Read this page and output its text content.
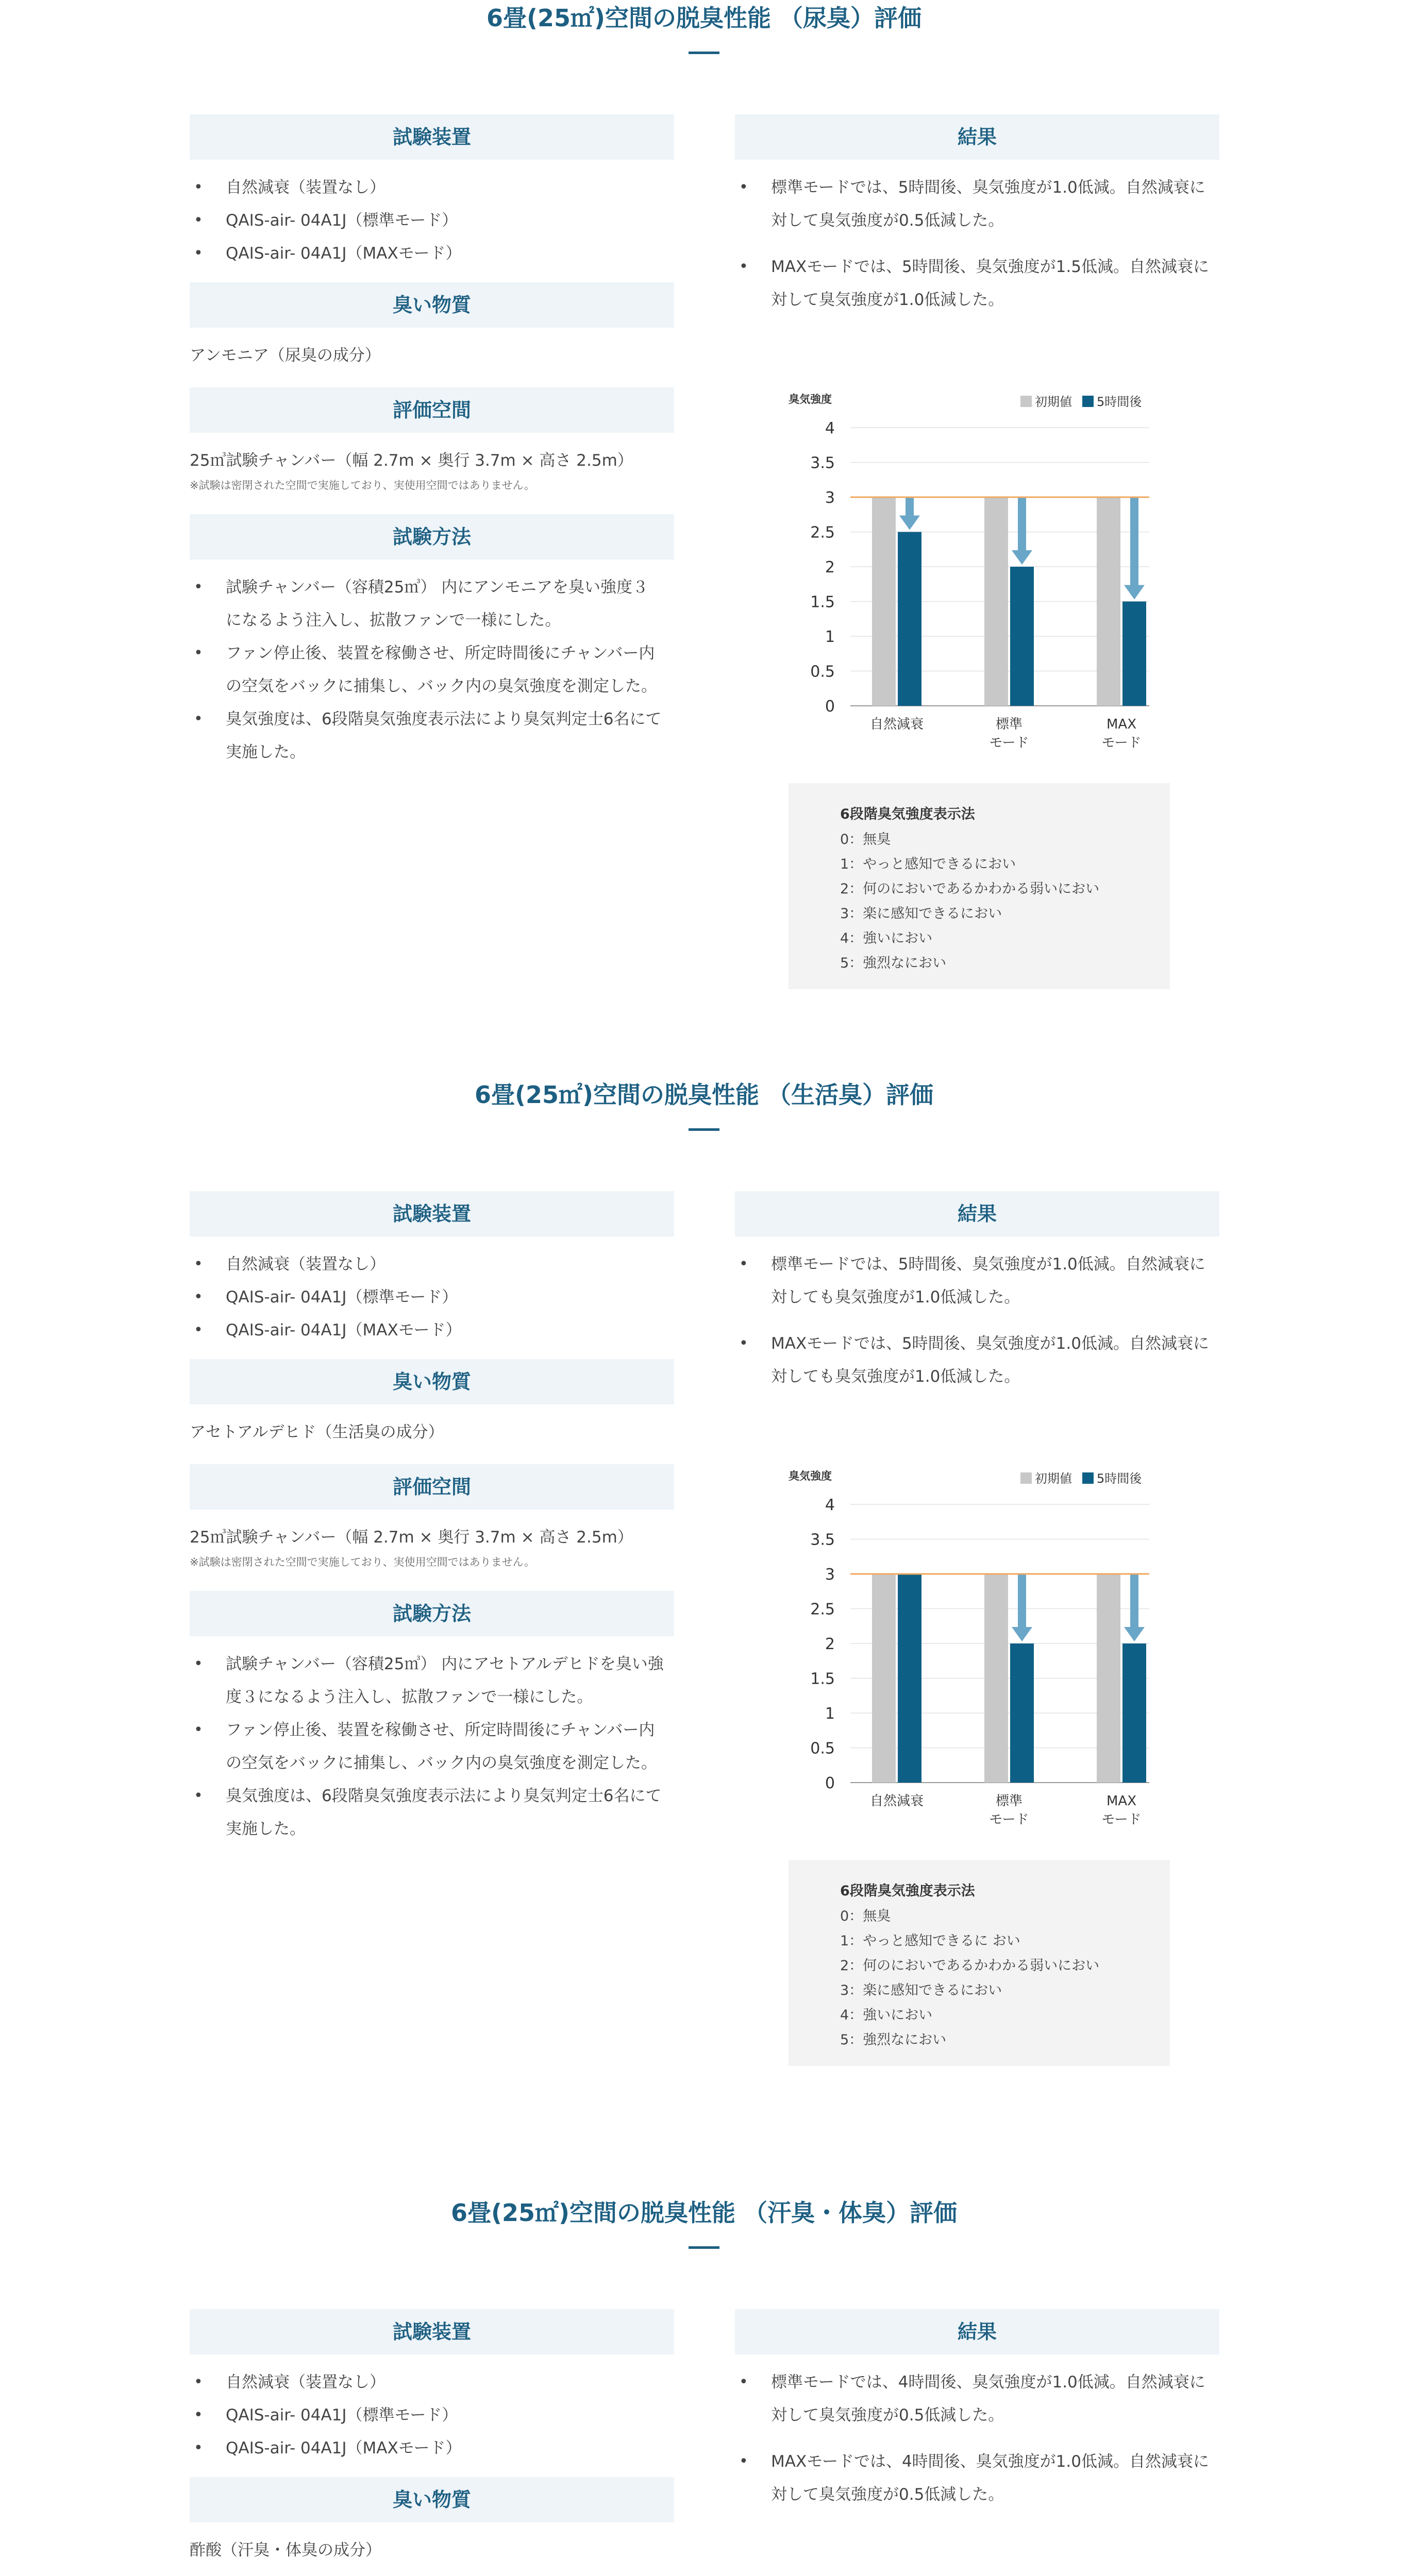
6畳(25㎡)空間の脱臭性能 （尿臭）評価
試験装置
• 自然減衰（装置なし）
• QAIS-air- 04A1J（標準モード）
• QAIS-air- 04A1J（MAXモード）
臭い物質
アンモニア（尿臭の成分）
評価空間
25㎥試験チャンバー（幅 2.7m × 奥行 3.7m × 高さ 2.5m）
※試験は密閉された空間で実施しており、実使用空間ではありません。
試験方法
• 試験チャンバー（容積25㎥） 内にアンモニアを臭い強度３になるよう注入し、拡散ファンで一様にした。
• ファン停止後、装置を稼働させ、所定時間後にチャンバー内の空気をバックに捕集し、バック内の臭気強度を測定した。
• 臭気強度は、6段階臭気強度表示法により臭気判定士6名にて実施した。
結果
• 標準モードでは、5時間後、臭気強度が1.0低減。自然減衰に対して臭気強度が0.5低減した。
• MAXモードでは、5時間後、臭気強度が1.5低減。自然減衰に対して臭気強度が1.0低減した。
臭気強度
0
0.5
1
1.5
2
2.5
3
3.5
4
初期値 5時間後
自然減衰	標準
モード
MAX
モード
6段階臭気強度表示法
0：無臭
1：やっと感知できるにおい
2：何のにおいであるかわかる弱いにおい
3：楽に感知できるにおい
4：強いにおい
5：強烈なにおい
6畳(25㎡)空間の脱臭性能 （生活臭）評価
試験装置
• 自然減衰（装置なし）
• QAIS-air- 04A1J（標準モード）
• QAIS-air- 04A1J（MAXモード）
臭い物質
アセトアルデヒド（生活臭の成分）
評価空間
25㎥試験チャンバー（幅 2.7m × 奥行 3.7m × 高さ 2.5m）
※試験は密閉された空間で実施しており、実使用空間ではありません。
試験方法
• 試験チャンバー（容積25㎥） 内にアセトアルデヒドを臭い強度３になるよう注入し、拡散ファンで一様にした。
• ファン停止後、装置を稼働させ、所定時間後にチャンバー内の空気をバックに捕集し、バック内の臭気強度を測定した。
• 臭気強度は、6段階臭気強度表示法により臭気判定士6名にて実施した。
結果
• 標準モードでは、5時間後、臭気強度が1.0低減。自然減衰に対しても臭気強度が1.0低減した。
• MAXモードでは、5時間後、臭気強度が1.0低減。自然減衰に対しても臭気強度が1.0低減した。
臭気強度
0
0.5
1
1.5
2
2.5
3
3.5
4
初期値 5時間後
自然減衰	標準
モード
MAX
モード
6段階臭気強度表示法
0：無臭
1：やっと感知できるに おい
2：何のにおいであるかわかる弱いにおい
3：楽に感知できるにおい
4：強いにおい
5：強烈なにおい
6畳(25㎡)空間の脱臭性能 （汗臭・体臭）評価
試験装置
• 自然減衰（装置なし）
• QAIS-air- 04A1J（標準モード）
• QAIS-air- 04A1J（MAXモード）
臭い物質
酢酸（汗臭・体臭の成分）
結果
• 標準モードでは、4時間後、臭気強度が1.0低減。自然減衰に対して臭気強度が0.5低減した。
• MAXモードでは、4時間後、臭気強度が1.0低減。自然減衰に対して臭気強度が0.5低減した。
